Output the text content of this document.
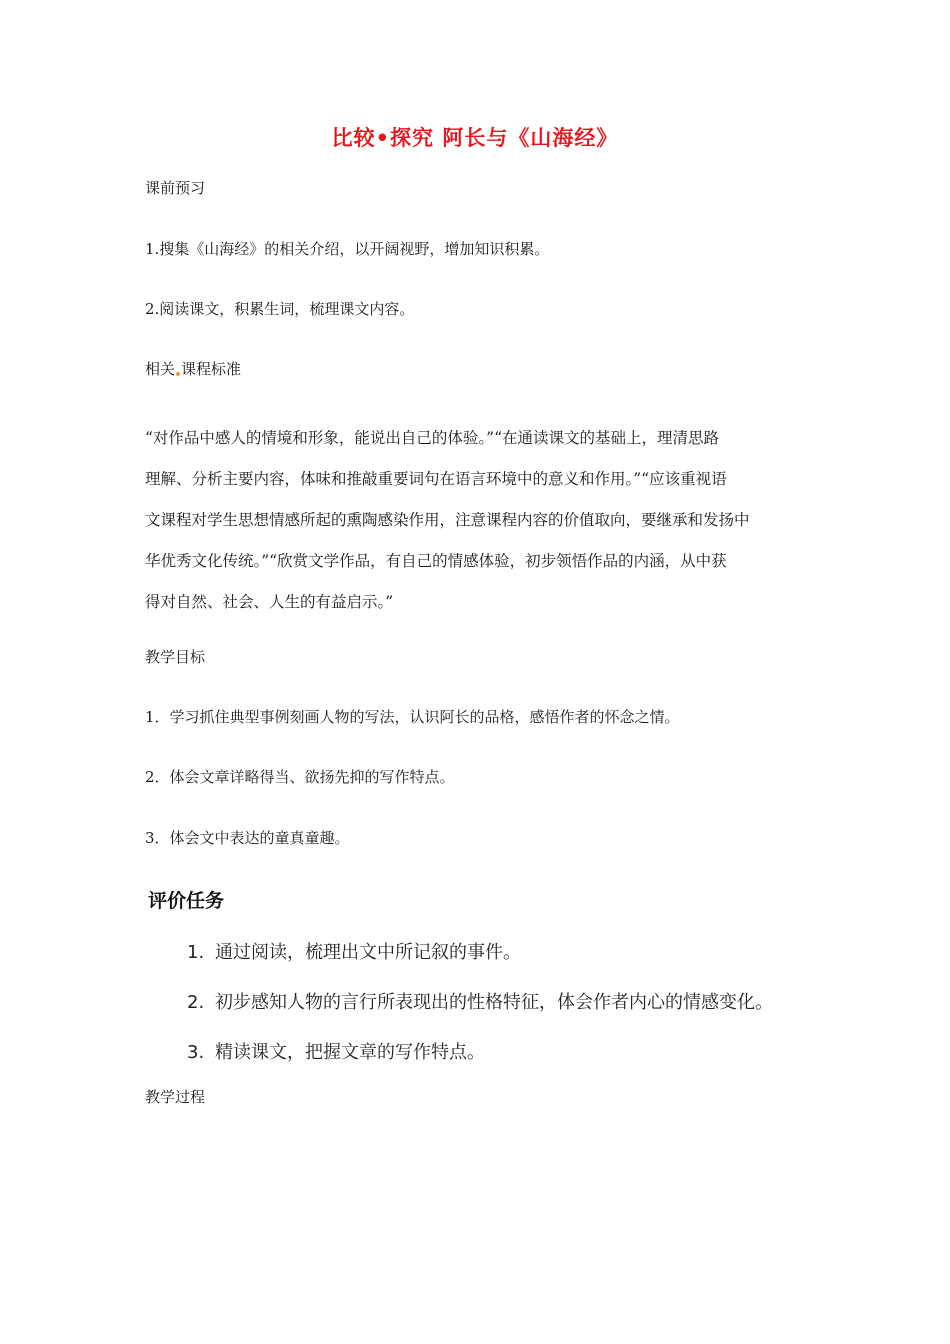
比较•探究 阿长与《山海经》
课前预习
1.搜集《山海经》的相关介绍，以开阔视野，增加知识积累。
2.阅读课文，积累生词，梳理课文内容。
相关 课程标准
“对作品中感人的情境和形象，能说出自己的体验。”“在通读课文的基础上，理清思路
理解、分析主要内容，体味和推敲重要词句在语言环境中的意义和作用。”“应该重视语
文课程对学生思想情感所起的熏陶感染作用，注意课程内容的价值取向，要继承和发扬中
华优秀文化传统。”“欣赏文学作品，有自己的情感体验，初步领悟作品的内涵，从中获
得对自然、社会、人生的有益启示。”
教学目标
1．学习抓住典型事例刻画人物的写法，认识阿长的品格，感悟作者的怀念之情。
2．体会文章详略得当、欲扬先抑的写作特点。
3．体会文中表达的童真童趣。
评价任务
1. 通过阅读，梳理出文中所记叙的事件。
2. 初步感知人物的言行所表现出的性格特征，体会作者内心的情感变化。
3. 精读课文，把握文章的写作特点。
教学过程
